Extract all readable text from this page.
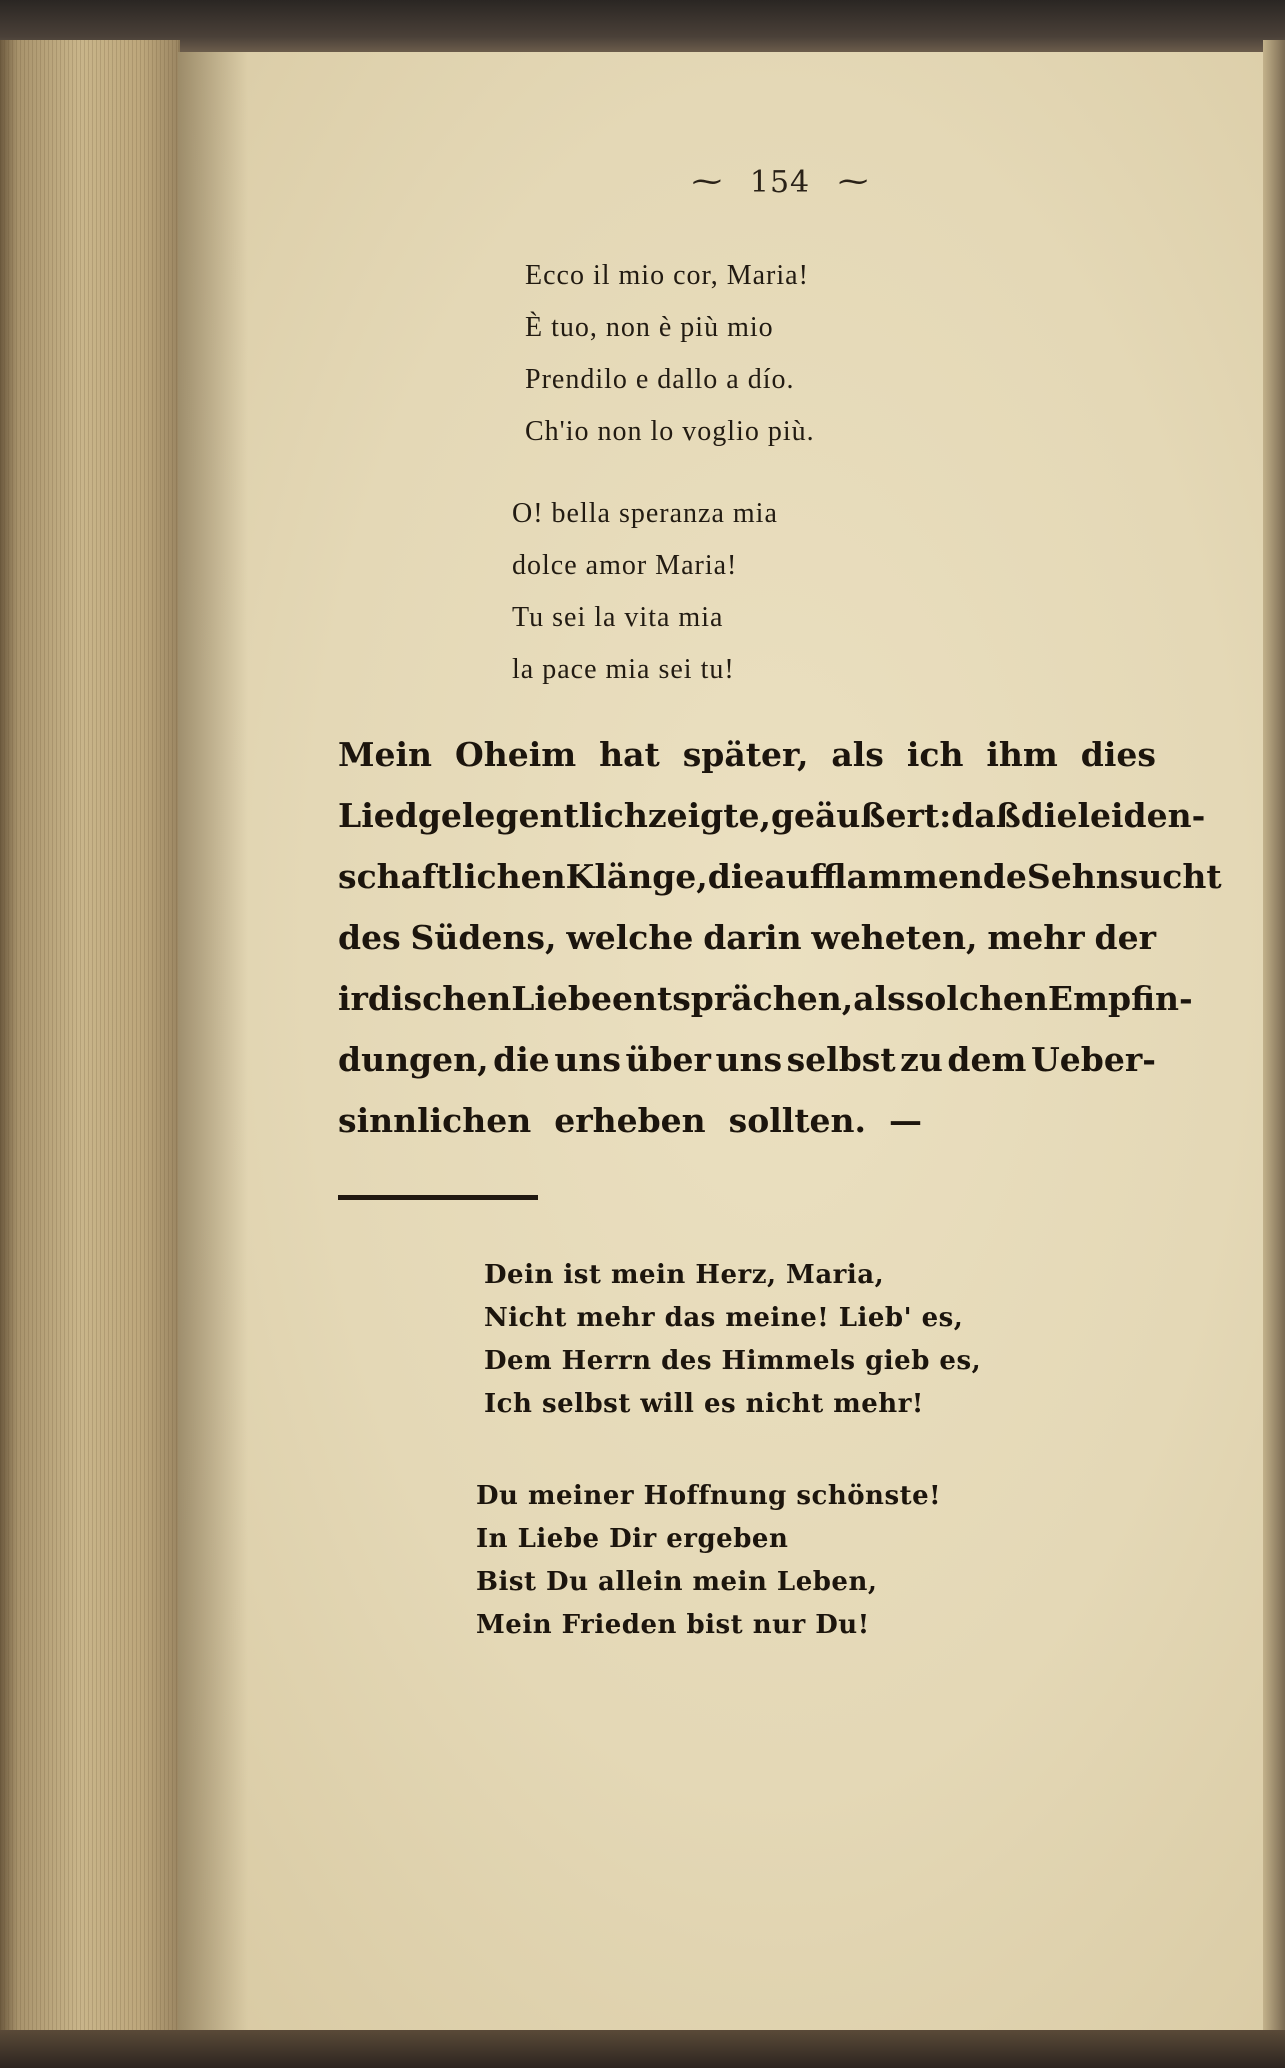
⁓ 154 ⁓
Ecco il mio cor, Maria!
È tuo, non è più mio
Prendilo e dallo a dío.
Ch'io non lo voglio più.
O! bella speranza mia
dolce amor Maria!
Tu sei la vita mia
la pace mia sei tu!
Mein Oheim hat später, als ich ihm dies
Lied gelegentlich zeigte, geäußert: daß die leiden-
schaftlichen Klänge, die aufflammende Sehnsucht
des Südens, welche darin weheten, mehr der
irdischen Liebe entsprächen, als solchen Empfin-
dungen, die uns über uns selbst zu dem Ueber-
sinnlichen
erheben
sollten.
—
Dein ist mein Herz, Maria,
Nicht mehr das meine! Lieb' es,
Dem Herrn des Himmels gieb es,
Ich selbst will es nicht mehr!
Du meiner Hoffnung schönste!
In Liebe Dir ergeben
Bist Du allein mein Leben,
Mein Frieden bist nur Du!
